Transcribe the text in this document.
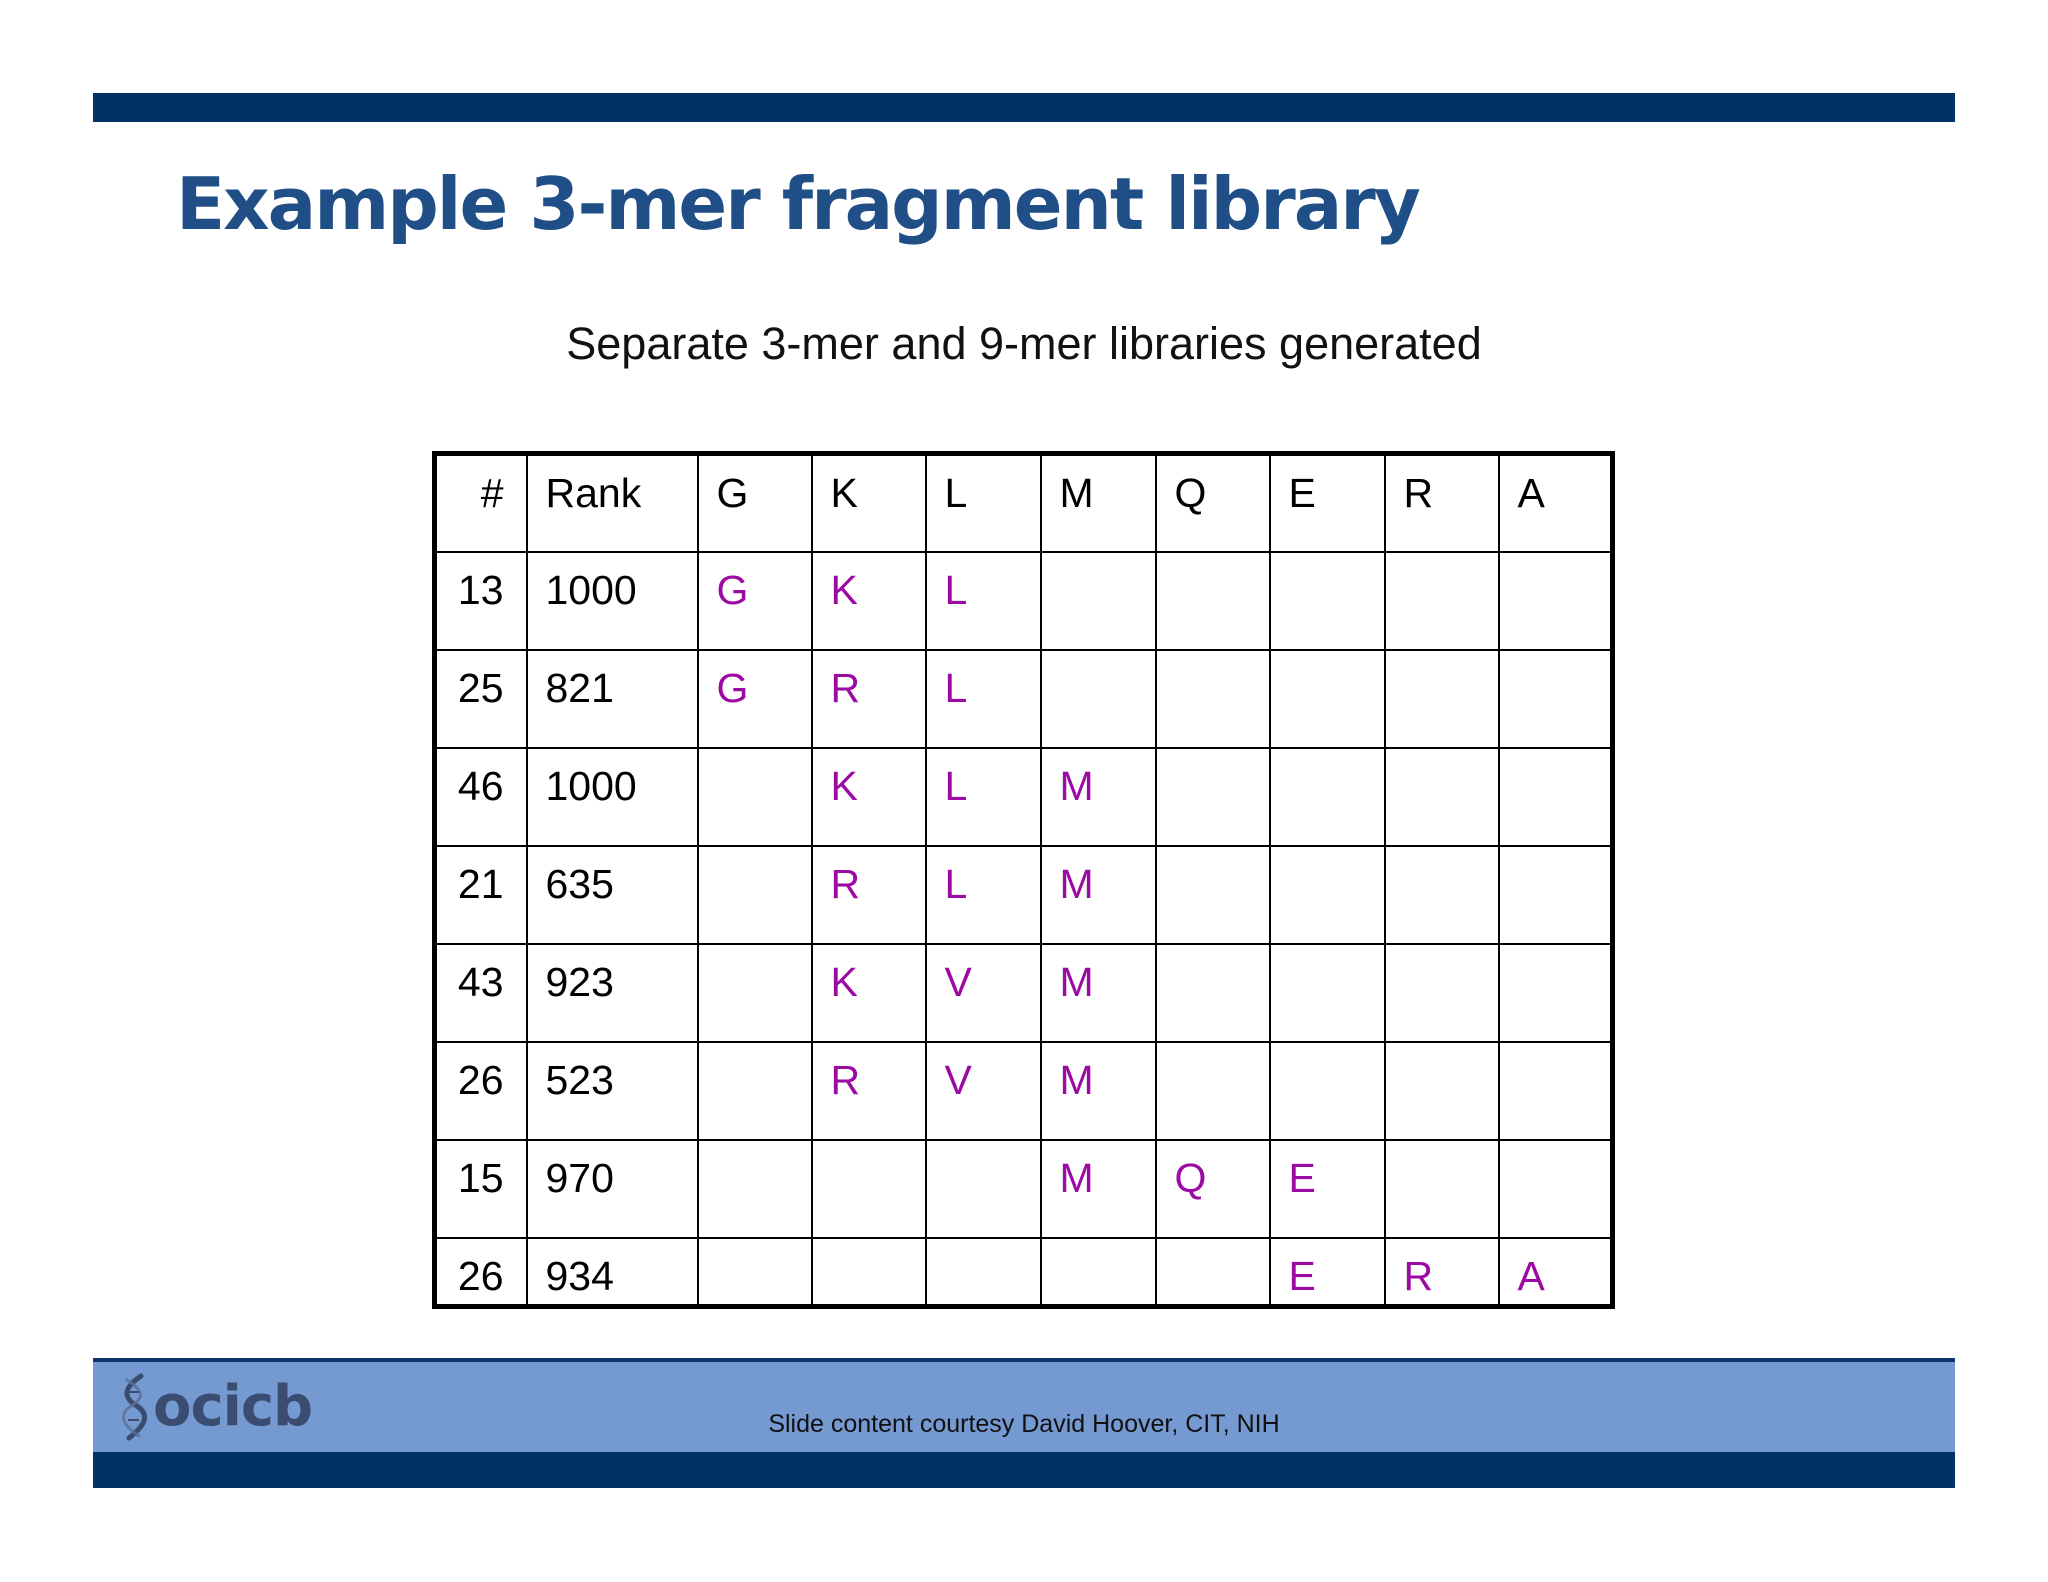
Example 3-mer fragment library
Separate 3-mer and 9-mer libraries generated
#	Rank	G	K	L	M	Q	E	R	A
13	1000	G	K	L					
25	821	G	R	L					
46	1000		K	L	M				
21	635		R	L	M				
43	923		K	V	M				
26	523		R	V	M				
15	970				M	Q	E		
26	934						E	R	A
ocicb	Slide content courtesy David Hoover, CIT, NIH
